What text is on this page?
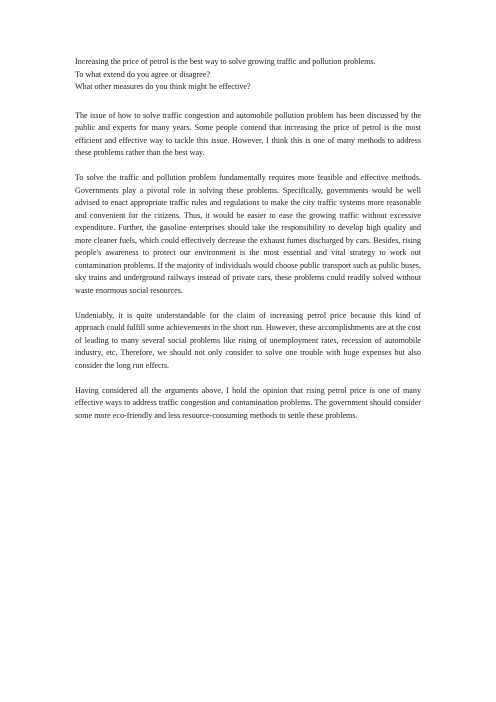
Increasing the price of petrol is the best way to solve growing traffic and pollution problems.

To what extend do you agree or disagree?

What other measures do you think might be effective?

The issue of how to solve traffic congestion and automobile pollution problem has been discussed by the public and experts for many years. Some people contend that increasing the price of petrol is the most efficient and effective way to tackle this issue. However, I think this is one of many methods to address these problems rather than the best way.

To solve the traffic and pollution problem fundamentally requires more feasible and effective methods. Governments play a pivotal role in solving these problems. Specifically, governments would be well advised to enact appropriate traffic rules and regulations to make the city traffic systems more reasonable and convenient for the citizens. Thus, it would be easier to ease the growing traffic without excessive expenditure. Further, the gasoline enterprises should take the responsibility to develop high quality and more cleaner fuels, which could effectively decrease the exhaust fumes discharged by cars. Besides, rising people's awareness to protect our environment is the most essential and vital strategy to work out contamination problems. If the majority of individuals would choose public transport such as public buses, sky trains and underground railways instead of private cars, these problems could readily solved without waste enormous social resources.

Undeniably, it is quite understandable for the claim of increasing petrol price because this kind of approach could fulfill some achievements in the short run. However, these accomplishments are at the cost of leading to many several social problems like rising of unemployment rates, recession of automobile industry, etc. Therefore, we should not only consider to solve one trouble with huge expenses but also consider the long run effects.

Having considered all the arguments above, I hold the opinion that rising petrol price is one of many effective ways to address traffic congestion and contamination problems. The government should consider some more eco-friendly and less resource-consuming methods to settle these problems.
